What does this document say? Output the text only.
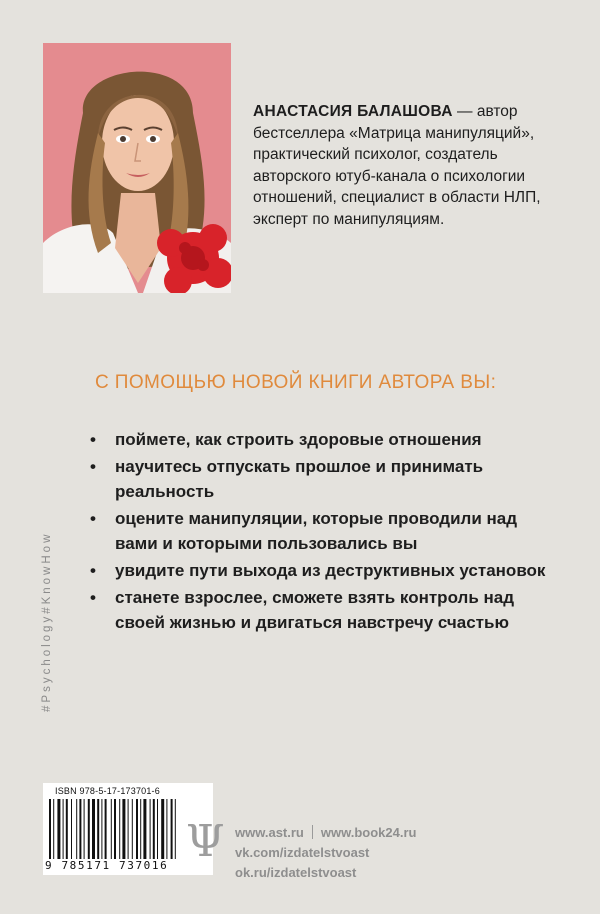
АНАСТАСИЯ БАЛАШОВА — автор бестселлера «Матрица манипуляций», практический психолог, создатель авторского ютуб-канала о психологии отношений, специалист в области НЛП, эксперт по манипуляциям.
С ПОМОЩЬЮ НОВОЙ КНИГИ АВТОРА ВЫ:
• поймете, как строить здоровые отношения
• научитесь отпускать прошлое и принимать реальность
• оцените манипуляции, которые проводили над вами и которыми пользовались вы
• увидите пути выхода из деструктивных установок
• станете взрослее, сможете взять контроль над своей жизнью и двигаться навстречу счастью
#Psychology#KnowHow
ISBN 978-5-17-173701-6
9 785171 737016 Ψ www.ast.ru www.book24.ru
vk.com/izdatelstvoast
ok.ru/izdatelstvoast
